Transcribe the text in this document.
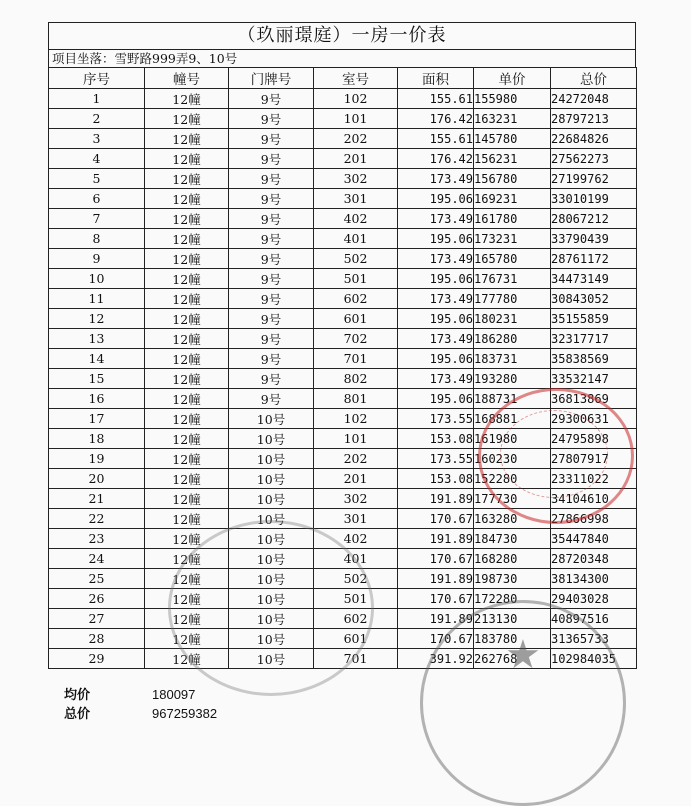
（玖丽璟庭）一房一价表
项目坐落：雪野路999弄9、10号
序号	幢号	门牌号	室号	面积	单价	总价
1	12幢	9号	102	155.61	155980	24272048
2	12幢	9号	101	176.42	163231	28797213
3	12幢	9号	202	155.61	145780	22684826
4	12幢	9号	201	176.42	156231	27562273
5	12幢	9号	302	173.49	156780	27199762
6	12幢	9号	301	195.06	169231	33010199
7	12幢	9号	402	173.49	161780	28067212
8	12幢	9号	401	195.06	173231	33790439
9	12幢	9号	502	173.49	165780	28761172
10	12幢	9号	501	195.06	176731	34473149
11	12幢	9号	602	173.49	177780	30843052
12	12幢	9号	601	195.06	180231	35155859
13	12幢	9号	702	173.49	186280	32317717
14	12幢	9号	701	195.06	183731	35838569
15	12幢	9号	802	173.49	193280	33532147
16	12幢	9号	801	195.06	188731	36813869
17	12幢	10号	102	173.55	168881	29300631
18	12幢	10号	101	153.08	161980	24795898
19	12幢	10号	202	173.55	160230	27807917
20	12幢	10号	201	153.08	152280	23311022
21	12幢	10号	302	191.89	177730	34104610
22	12幢	10号	301	170.67	163280	27866998
23	12幢	10号	402	191.89	184730	35447840
24	12幢	10号	401	170.67	168280	28720348
25	12幢	10号	502	191.89	198730	38134300
26	12幢	10号	501	170.67	172280	29403028
27	12幢	10号	602	191.89	213130	40897516
28	12幢	10号	601	170.67	183780	31365733
29	12幢	10号	701	391.92	262768	102984035
★
均价	180097
总价	967259382
